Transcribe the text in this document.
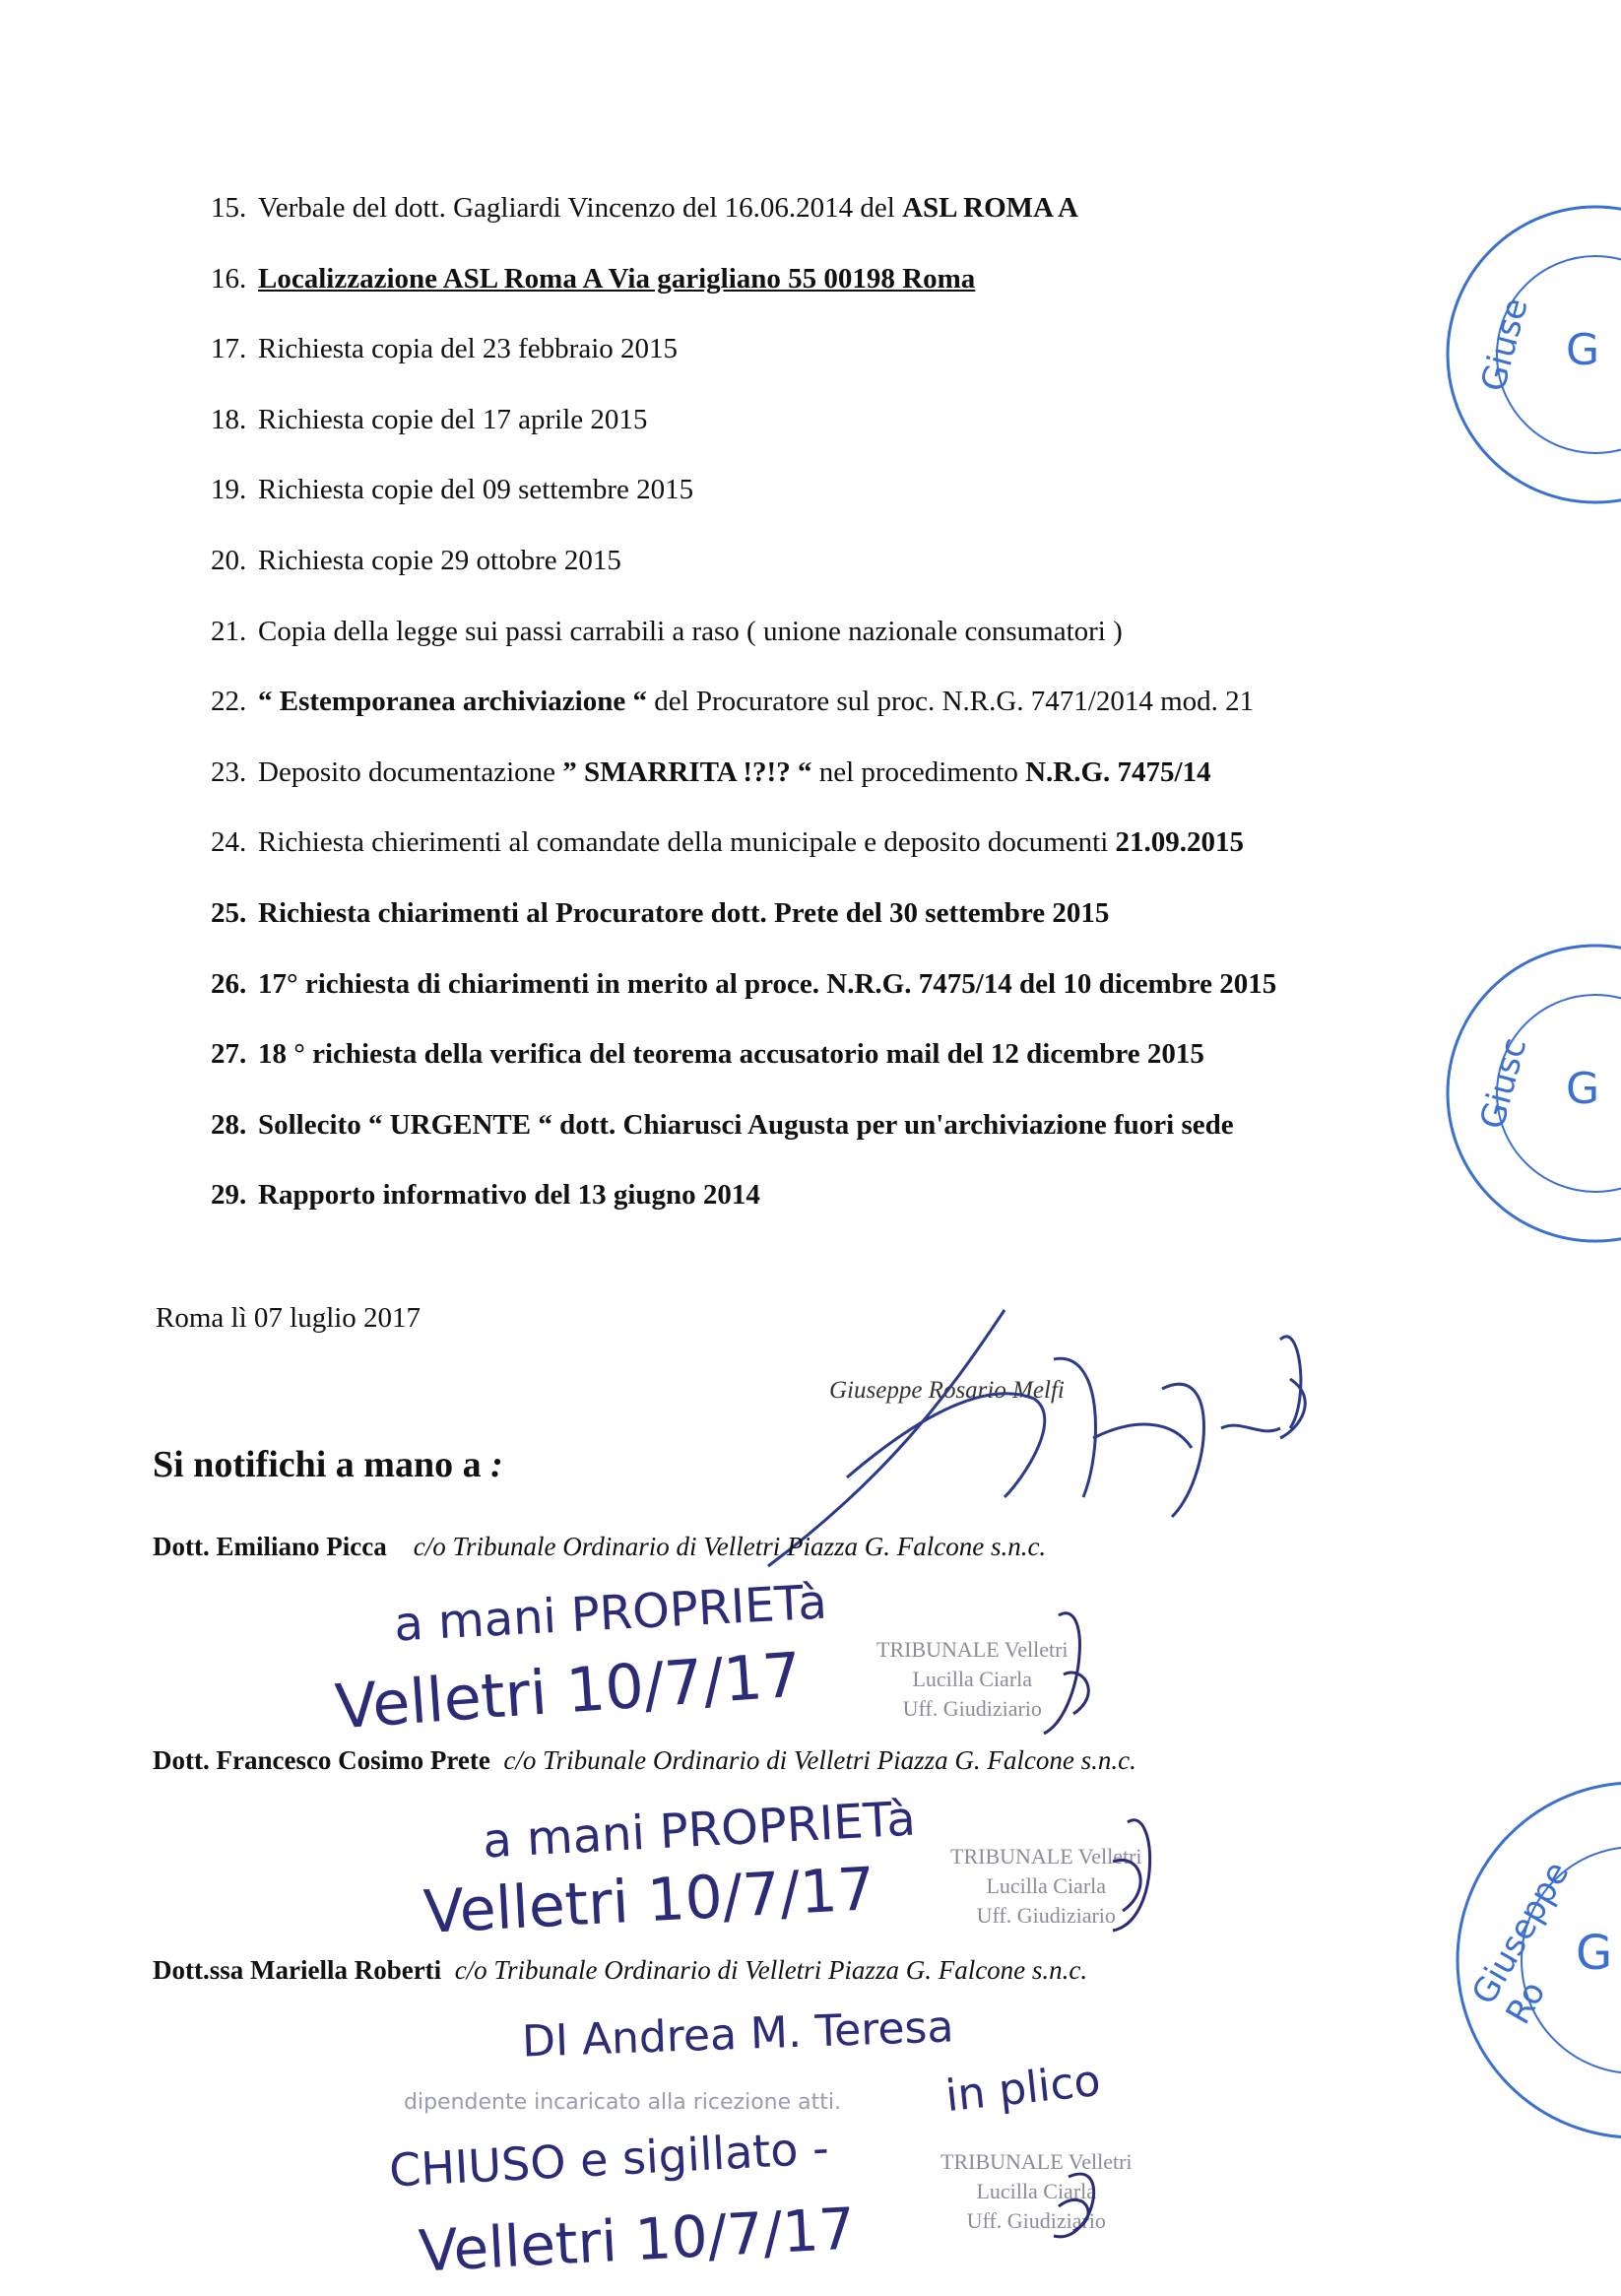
15. Verbale del dott. Gagliardi Vincenzo del 16.06.2014 del ASL ROMA A
16. Localizzazione ASL Roma A Via garigliano 55 00198 Roma
17. Richiesta copia del 23 febbraio 2015
18. Richiesta copie del 17 aprile 2015
19. Richiesta copie del 09 settembre 2015
20. Richiesta copie 29 ottobre 2015
21. Copia della legge sui passi carrabili a raso ( unione nazionale consumatori )
22. “ Estemporanea archiviazione “ del Procuratore sul proc. N.R.G. 7471/2014 mod. 21
23. Deposito documentazione ” SMARRITA !?!? “ nel procedimento N.R.G. 7475/14
24. Richiesta chierimenti al comandate della municipale e deposito documenti 21.09.2015
25. Richiesta chiarimenti al Procuratore dott. Prete del 30 settembre 2015
26. 17° richiesta di chiarimenti in merito al proce. N.R.G. 7475/14 del 10 dicembre 2015
27. 18 ° richiesta della verifica del teorema accusatorio mail del 12 dicembre 2015
28. Sollecito “ URGENTE “ dott. Chiarusci Augusta per un'archiviazione fuori sede
29. Rapporto informativo del 13 giugno 2014
Roma lì 07 luglio 2017
Giuseppe Rosario Melfi
Si notifichi a mano a :
Dott. Emiliano Picca c/o Tribunale Ordinario di Velletri Piazza G. Falcone s.n.c.
Dott. Francesco Cosimo Prete c/o Tribunale Ordinario di Velletri Piazza G. Falcone s.n.c.
Dott.ssa Mariella Roberti c/o Tribunale Ordinario di Velletri Piazza G. Falcone s.n.c.
a mani PROPRIETà
Velletri 10/7/17
a mani PROPRIETà
Velletri 10/7/17
DI Andrea M. Teresa
in plico
CHIUSO e sigillato -
Velletri 10/7/17
TRIBUNALE Velletri
Lucilla Ciarla
Uff. Giudiziario
TRIBUNALE Velletri
Lucilla Ciarla
Uff. Giudiziario
TRIBUNALE Velletri
Lucilla Ciarla
Uff. Giudiziario
dipendente incaricato alla ricezione atti.
Giuse G
Giusc G
Giuseppe Ro
G
